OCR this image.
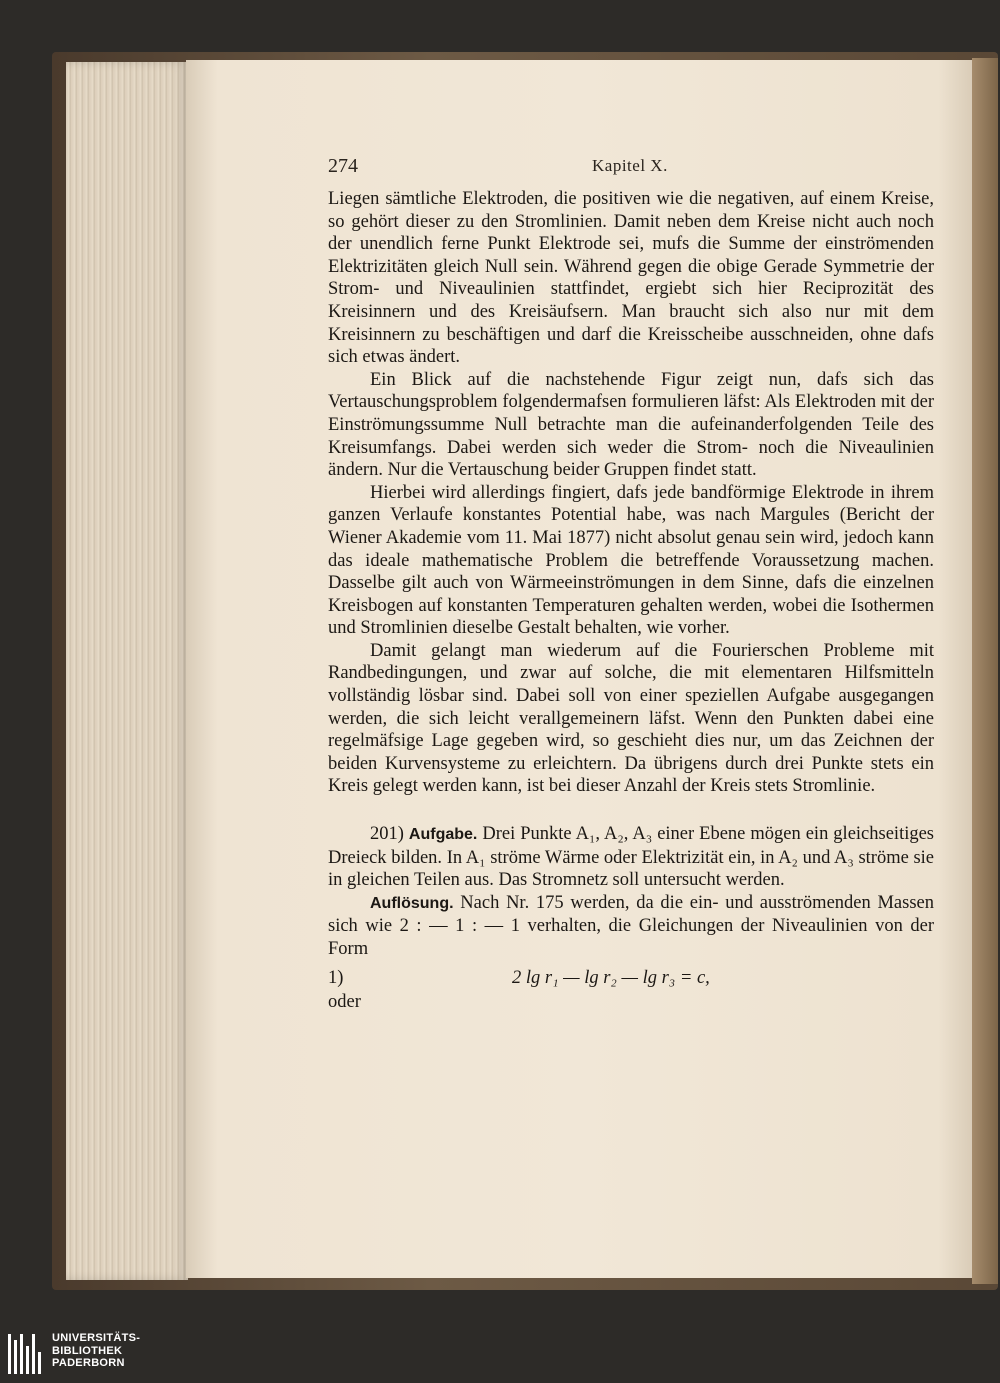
274	Kapitel X.

Liegen sämtliche Elektroden, die positiven wie die negativen, auf einem Kreise, so gehört dieser zu den Stromlinien. Damit neben dem Kreise nicht auch noch der unendlich ferne Punkt Elektrode sei, mufs die Summe der einströmenden Elektrizitäten gleich Null sein. Während gegen die obige Gerade Symmetrie der Strom- und Niveaulinien stattfindet, ergiebt sich hier Reciprozität des Kreisinnern und des Kreisäufsern. Man braucht sich also nur mit dem Kreisinnern zu beschäftigen und darf die Kreisscheibe ausschneiden, ohne dafs sich etwas ändert.

Ein Blick auf die nachstehende Figur zeigt nun, dafs sich das Vertauschungsproblem folgendermafsen formulieren läfst: Als Elektroden mit der Einströmungssumme Null betrachte man die aufeinanderfolgenden Teile des Kreisumfangs. Dabei werden sich weder die Strom- noch die Niveaulinien ändern. Nur die Vertauschung beider Gruppen findet statt.

Hierbei wird allerdings fingiert, dafs jede bandförmige Elektrode in ihrem ganzen Verlaufe konstantes Potential habe, was nach Margules (Bericht der Wiener Akademie vom 11. Mai 1877) nicht absolut genau sein wird, jedoch kann das ideale mathematische Problem die betreffende Voraussetzung machen. Dasselbe gilt auch von Wärmeeinströmungen in dem Sinne, dafs die einzelnen Kreisbogen auf konstanten Temperaturen gehalten werden, wobei die Isothermen und Stromlinien dieselbe Gestalt behalten, wie vorher.

Damit gelangt man wiederum auf die Fourierschen Probleme mit Randbedingungen, und zwar auf solche, die mit elementaren Hilfsmitteln vollständig lösbar sind. Dabei soll von einer speziellen Aufgabe ausgegangen werden, die sich leicht verallgemeinern läfst. Wenn den Punkten dabei eine regelmäfsige Lage gegeben wird, so geschieht dies nur, um das Zeichnen der beiden Kurvensysteme zu erleichtern. Da übrigens durch drei Punkte stets ein Kreis gelegt werden kann, ist bei dieser Anzahl der Kreis stets Stromlinie.

201) Aufgabe. Drei Punkte A₁, A₂, A₃ einer Ebene mögen ein gleichseitiges Dreieck bilden. In A₁ ströme Wärme oder Elektrizität ein, in A₂ und A₃ ströme sie in gleichen Teilen aus. Das Stromnetz soll untersucht werden.

Auflösung. Nach Nr. 175 werden, da die ein- und ausströmenden Massen sich wie 2 : — 1 : — 1 verhalten, die Gleichungen der Niveaulinien von der Form

1)	2 lg r₁ — lg r₂ — lg r₃ = c,

oder

UNIVERSITÄTS-
BIBLIOTHEK
PADERBORN
